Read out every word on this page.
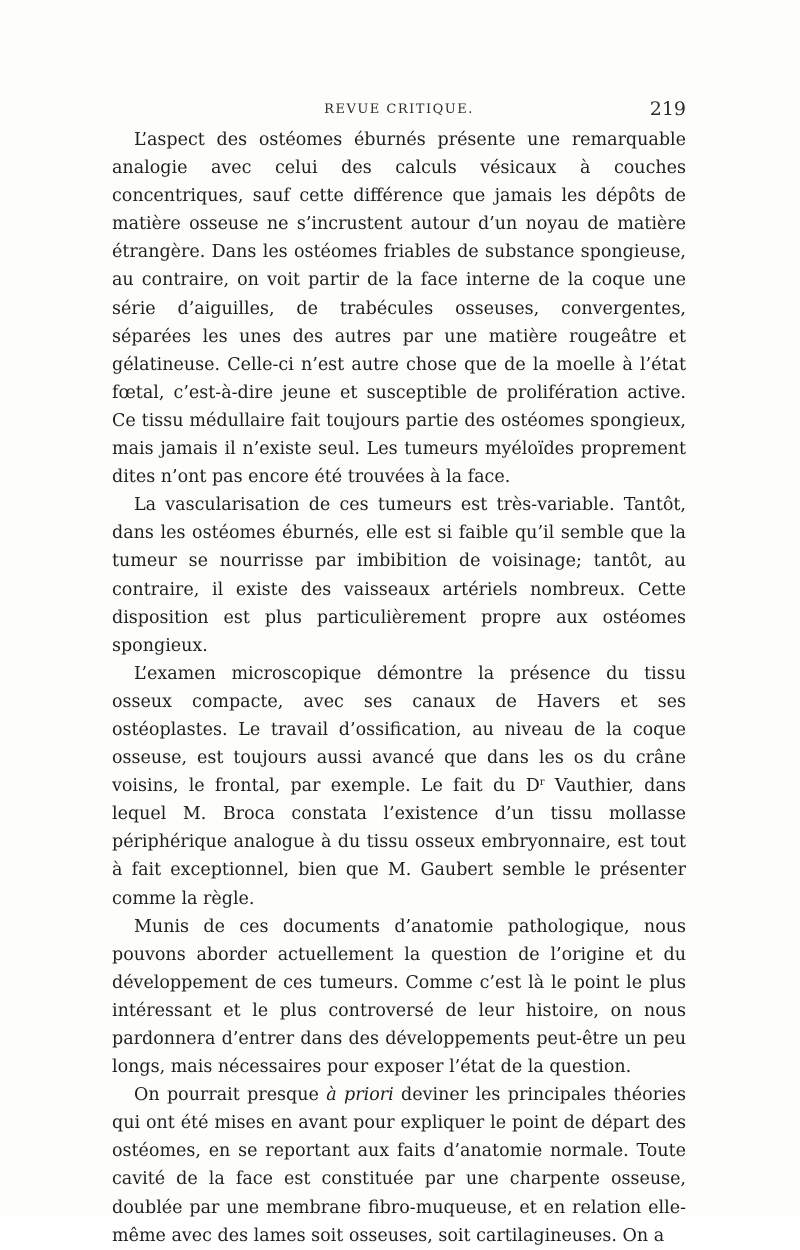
REVUE CRITIQUE.	219

L’aspect des ostéomes éburnés présente une remarquable analogie avec celui des calculs vésicaux à couches concentriques, sauf cette différence que jamais les dépôts de matière osseuse ne s’incrustent autour d’un noyau de matière étrangère. Dans les ostéomes friables de substance spongieuse, au contraire, on voit partir de la face interne de la coque une série d’aiguilles, de trabécules osseuses, convergentes, séparées les unes des autres par une matière rougeâtre et gélatineuse. Celle-ci n’est autre chose que de la moelle à l’état fœtal, c’est-à-dire jeune et susceptible de prolifération active. Ce tissu médullaire fait toujours partie des ostéomes spongieux, mais jamais il n’existe seul. Les tumeurs myéloïdes proprement dites n’ont pas encore été trouvées à la face.

La vascularisation de ces tumeurs est très-variable. Tantôt, dans les ostéomes éburnés, elle est si faible qu’il semble que la tumeur se nourrisse par imbibition de voisinage; tantôt, au contraire, il existe des vaisseaux artériels nombreux. Cette disposition est plus particulièrement propre aux ostéomes spongieux.

L’examen microscopique démontre la présence du tissu osseux compacte, avec ses canaux de Havers et ses ostéoplastes. Le travail d’ossification, au niveau de la coque osseuse, est toujours aussi avancé que dans les os du crâne voisins, le frontal, par exemple. Le fait du $D^r$ Vauthier, dans lequel M. Broca constata l’existence d’un tissu mollasse périphérique analogue à du tissu osseux embryonnaire, est tout à fait exceptionnel, bien que M. Gaubert semble le présenter comme la règle.

Munis de ces documents d’anatomie pathologique, nous pouvons aborder actuellement la question de l’origine et du développement de ces tumeurs. Comme c’est là le point le plus intéressant et le plus controversé de leur histoire, on nous pardonnera d’entrer dans des développements peut-être un peu longs, mais nécessaires pour exposer l’état de la question.

On pourrait presque à priori deviner les principales théories qui ont été mises en avant pour expliquer le point de départ des ostéomes, en se reportant aux faits d’anatomie normale. Toute cavité de la face est constituée par une charpente osseuse, doublée par une membrane fibro-muqueuse, et en relation elle-même avec des lames soit osseuses, soit cartilagineuses. On a
